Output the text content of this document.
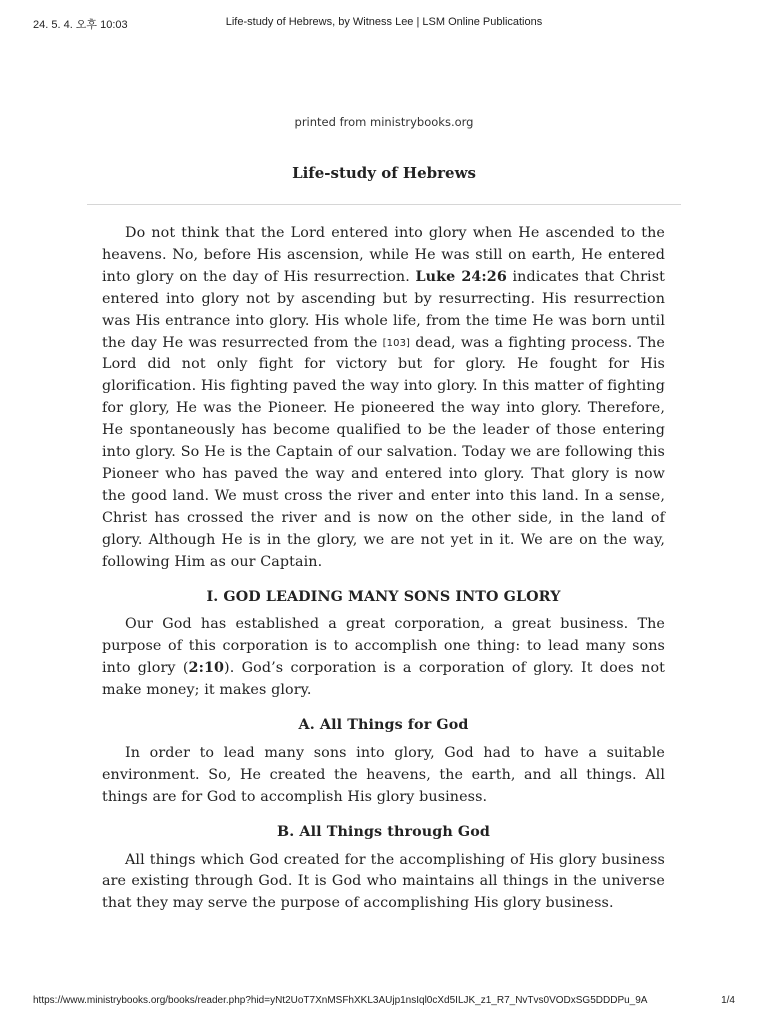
24. 5. 4. 오후 10:03	Life-study of Hebrews, by Witness Lee | LSM Online Publications
printed from ministrybooks.org
Life-study of Hebrews

Do not think that the Lord entered into glory when He ascended to the heavens. No, before His ascension, while He was still on earth, He entered into glory on the day of His resurrection. Luke 24:26 indicates that Christ entered into glory not by ascending but by resurrecting. His resurrection was His entrance into glory. His whole life, from the time He was born until the day He was resurrected from the [103] dead, was a fighting process. The Lord did not only fight for victory but for glory. He fought for His glorification. His fighting paved the way into glory. In this matter of fighting for glory, He was the Pioneer. He pioneered the way into glory. Therefore, He spontaneously has become qualified to be the leader of those entering into glory. So He is the Captain of our salvation. Today we are following this Pioneer who has paved the way and entered into glory. That glory is now the good land. We must cross the river and enter into this land. In a sense, Christ has crossed the river and is now on the other side, in the land of glory. Although He is in the glory, we are not yet in it. We are on the way, following Him as our Captain.

I. GOD LEADING MANY SONS INTO GLORY

Our God has established a great corporation, a great business. The purpose of this corporation is to accomplish one thing: to lead many sons into glory (2:10). God’s corporation is a corporation of glory. It does not make money; it makes glory.

A. All Things for God

In order to lead many sons into glory, God had to have a suitable environment. So, He created the heavens, the earth, and all things. All things are for God to accomplish His glory business.

B. All Things through God

All things which God created for the accomplishing of His glory business are existing through God. It is God who maintains all things in the universe that they may serve the purpose of accomplishing His glory business.

https://www.ministrybooks.org/books/reader.php?hid=yNt2UoT7XnMSFhXKL3AUjp1nsIql0cXd5ILJK_z1_R7_NvTvs0VODxSG5DDDPu_9A	1/4
